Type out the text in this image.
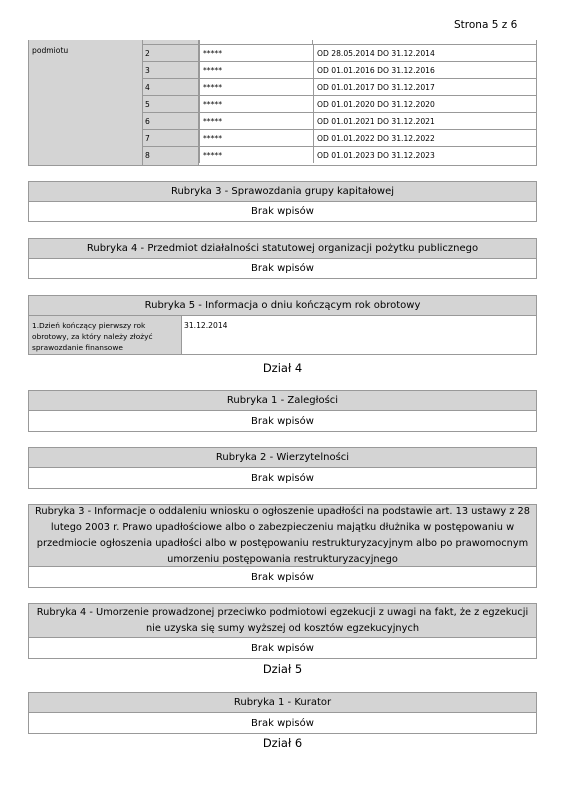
Strona 5 z 6
podmiotu	2	*****	OD 28.05.2014 DO 31.12.2014
3	*****	OD 01.01.2016 DO 31.12.2016
4	*****	OD 01.01.2017 DO 31.12.2017
5	*****	OD 01.01.2020 DO 31.12.2020
6	*****	OD 01.01.2021 DO 31.12.2021
7	*****	OD 01.01.2022 DO 31.12.2022
8	*****	OD 01.01.2023 DO 31.12.2023
Rubryka 3 - Sprawozdania grupy kapitałowej
Brak wpisów
Rubryka 4 - Przedmiot działalności statutowej organizacji pożytku publicznego
Brak wpisów
Rubryka 5 - Informacja o dniu kończącym rok obrotowy
1.Dzień kończący pierwszy rok obrotowy, za który należy złożyć sprawozdanie finansowe
31.12.2014
Dział 4
Rubryka 1 - Zaległości
Brak wpisów
Rubryka 2 - Wierzytelności
Brak wpisów
Rubryka 3 - Informacje o oddaleniu wniosku o ogłoszenie upadłości na podstawie art. 13 ustawy z 28 lutego 2003 r. Prawo upadłościowe albo o zabezpieczeniu majątku dłużnika w postępowaniu w przedmiocie ogłoszenia upadłości albo w postępowaniu restrukturyzacyjnym albo po prawomocnym umorzeniu postępowania restrukturyzacyjnego
Brak wpisów
Rubryka 4 - Umorzenie prowadzonej przeciwko podmiotowi egzekucji z uwagi na fakt, że z egzekucji nie uzyska się sumy wyższej od kosztów egzekucyjnych
Brak wpisów
Dział 5
Rubryka 1 - Kurator
Brak wpisów
Dział 6
